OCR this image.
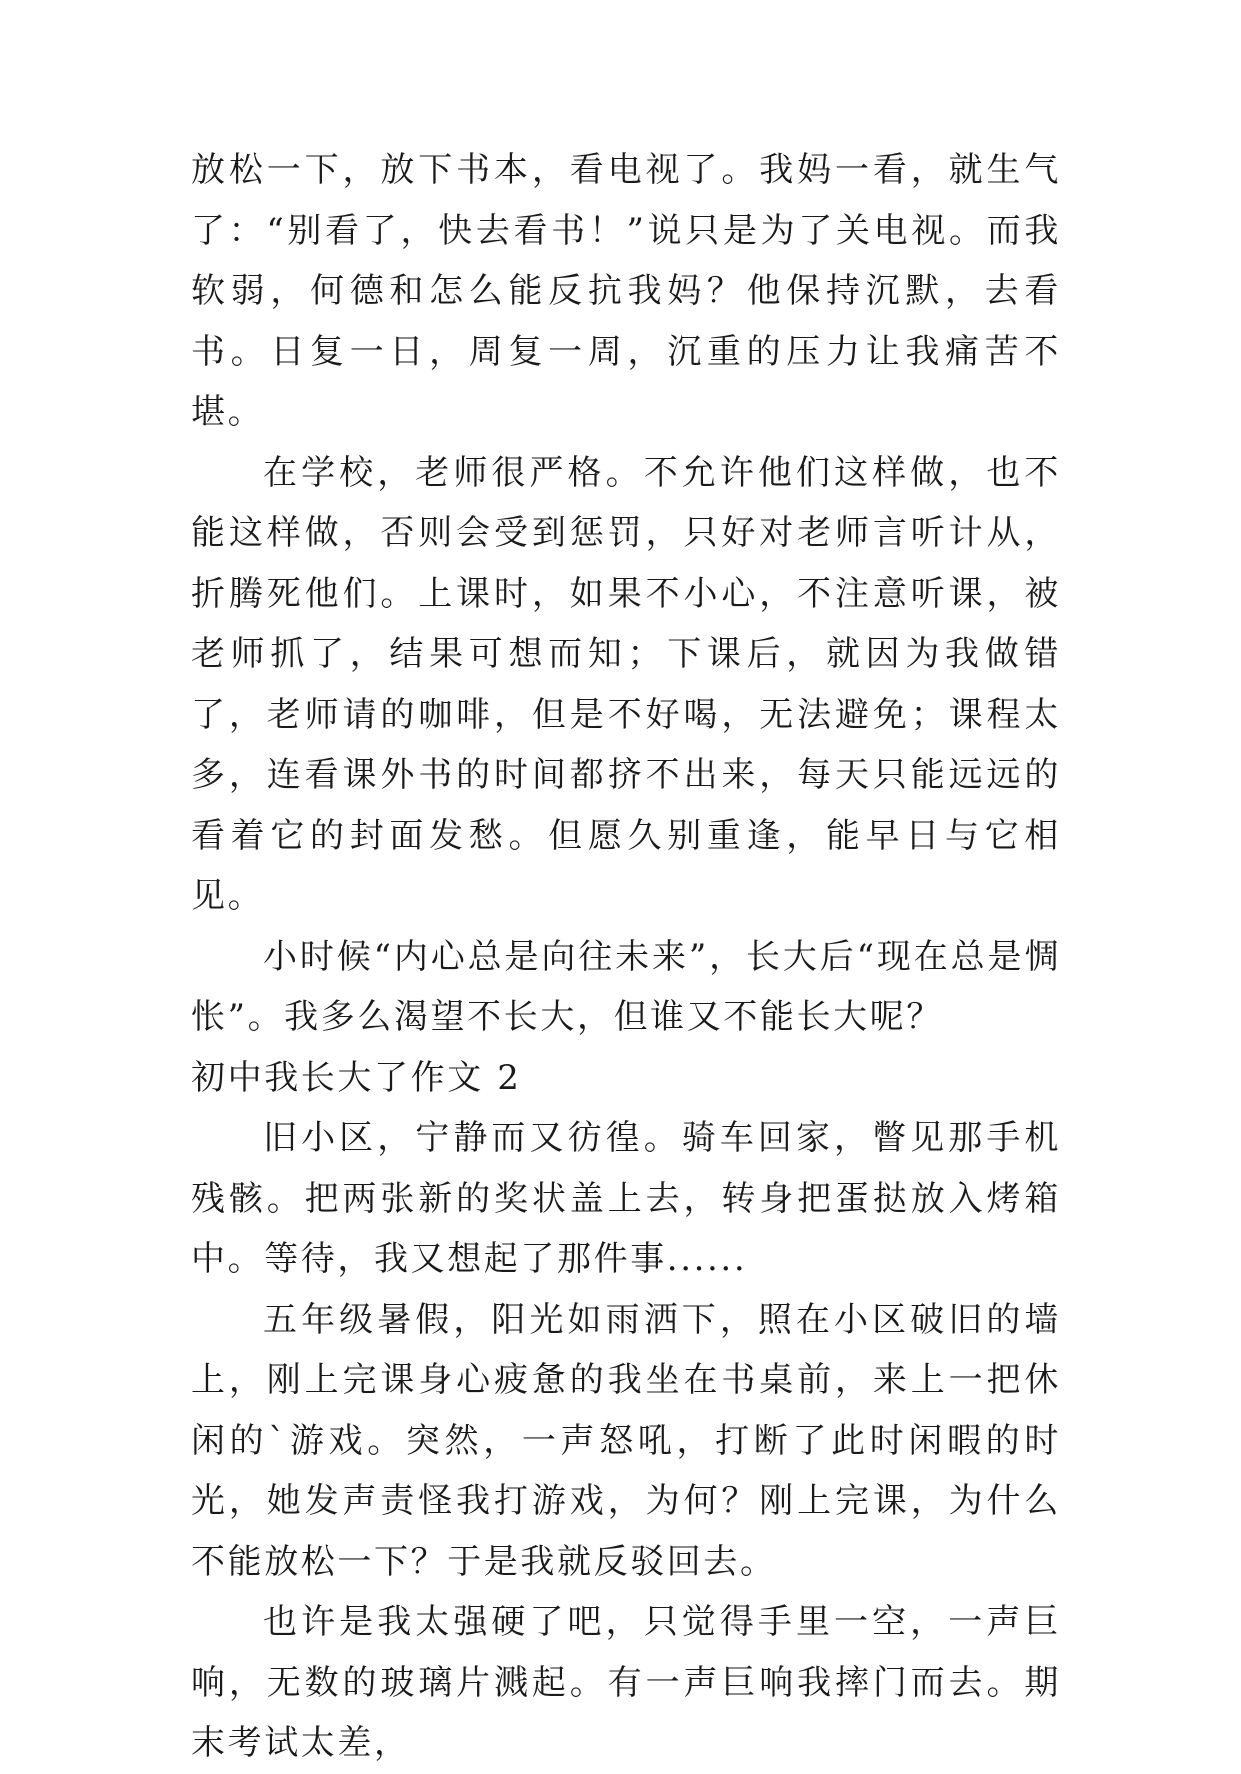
放松一下，放下书本，看电视了。我妈一看，就生气了：“别看了，快去看书！”说只是为了关电视。而我软弱，何德和怎么能反抗我妈？他保持沉默，去看书。日复一日，周复一周，沉重的压力让我痛苦不堪。

在学校，老师很严格。不允许他们这样做，也不能这样做，否则会受到惩罚，只好对老师言听计从，折腾死他们。上课时，如果不小心，不注意听课，被老师抓了，结果可想而知；下课后，就因为我做错了，老师请的咖啡，但是不好喝，无法避免；课程太多，连看课外书的时间都挤不出来，每天只能远远的看着它的封面发愁。但愿久别重逢，能早日与它相见。

小时候“内心总是向往未来”，长大后“现在总是惆怅”。我多么渴望不长大，但谁又不能长大呢？

初中我长大了作文 2

旧小区，宁静而又彷徨。骑车回家，瞥见那手机残骸。把两张新的奖状盖上去，转身把蛋挞放入烤箱中。等待，我又想起了那件事......

五年级暑假，阳光如雨洒下，照在小区破旧的墙上，刚上完课身心疲惫的我坐在书桌前，来上一把休闲的`游戏。突然，一声怒吼，打断了此时闲暇的时光，她发声责怪我打游戏，为何？刚上完课，为什么不能放松一下？于是我就反驳回去。

也许是我太强硬了吧，只觉得手里一空，一声巨响，无数的玻璃片溅起。有一声巨响我摔门而去。期末考试太差，
